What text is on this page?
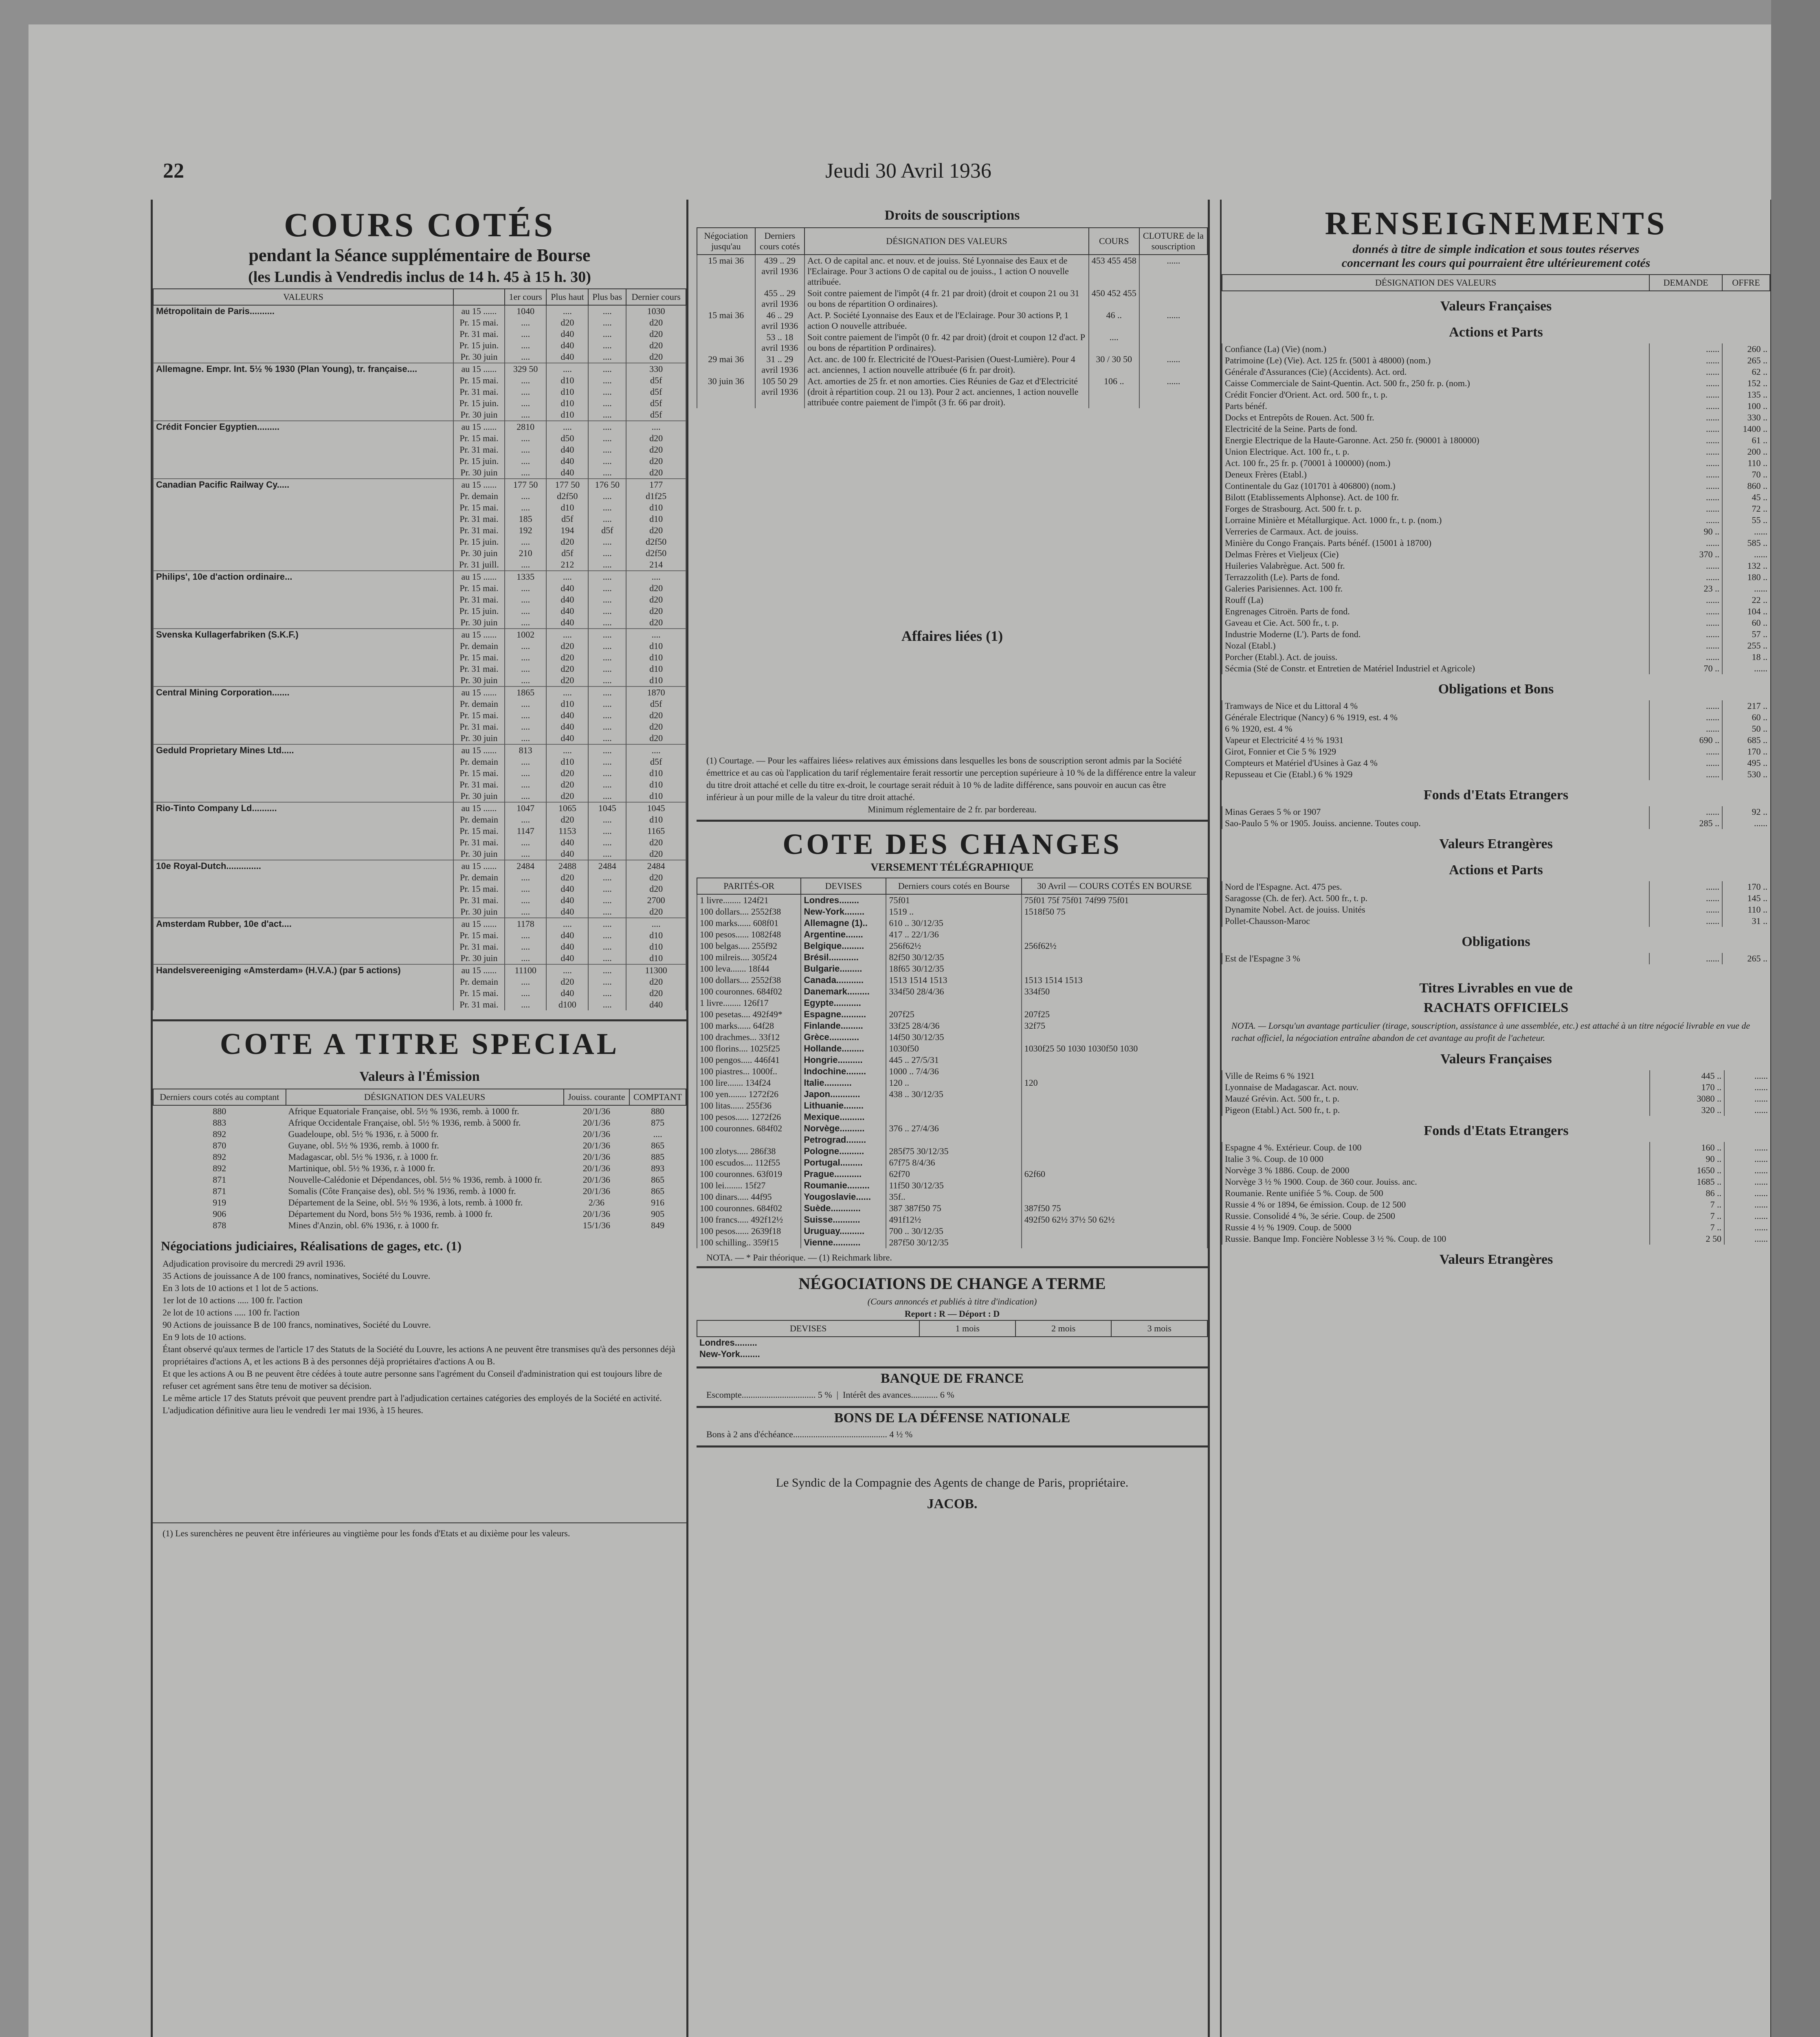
22	Jeudi 30 Avril 1936
COURS COTÉS
pendant la Séance supplémentaire de Bourse
(les Lundis à Vendredis inclus de 14 h. 45 à 15 h. 30)
VALEURS		1er cours	Plus haut	Plus bas	Dernier cours
Métropolitain de Paris..........	au 15 ......	1040	....	....	1030
	Pr. 15 mai.	....	d20	....	d20
	Pr. 31 mai.	....	d40	....	d20
	Pr. 15 juin.	....	d40	....	d20
	Pr. 30 juin	....	d40	....	d20
Allemagne. Empr. Int. 5½ % 1930 (Plan Young), tr. française....	au 15 ......	329 50	....	....	330
	Pr. 15 mai.	....	d10	....	d5f
	Pr. 31 mai.	....	d10	....	d5f
	Pr. 15 juin.	....	d10	....	d5f
	Pr. 30 juin	....	d10	....	d5f
Crédit Foncier Egyptien.........	au 15 ......	2810	....	....	....
	Pr. 15 mai.	....	d50	....	d20
	Pr. 31 mai.	....	d40	....	d20
	Pr. 15 juin.	....	d40	....	d20
	Pr. 30 juin	....	d40	....	d20
Canadian Pacific Railway Cy.....	au 15 ......	177 50	177 50	176 50	177
	Pr. demain	....	d2f50	....	d1f25
	Pr. 15 mai.	....	d10	....	d10
	Pr. 31 mai.	185	d5f	....	d10
	Pr. 31 mai.	192	194	d5f	d20
	Pr. 15 juin.	....	d20	....	d2f50
	Pr. 30 juin	210	d5f	....	d2f50
	Pr. 31 juill.	....	212	....	214
Philips', 10e d'action ordinaire...	au 15 ......	1335	....	....	....
	Pr. 15 mai.	....	d40	....	d20
	Pr. 31 mai.	....	d40	....	d20
	Pr. 15 juin.	....	d40	....	d20
	Pr. 30 juin	....	d40	....	d20
Svenska Kullagerfabriken (S.K.F.)	au 15 ......	1002	....	....	....
	Pr. demain	....	d20	....	d10
	Pr. 15 mai.	....	d20	....	d10
	Pr. 31 mai.	....	d20	....	d10
	Pr. 30 juin	....	d20	....	d10
Central Mining Corporation.......	au 15 ......	1865	....	....	1870
	Pr. demain	....	d10	....	d5f
	Pr. 15 mai.	....	d40	....	d20
	Pr. 31 mai.	....	d40	....	d20
	Pr. 30 juin	....	d40	....	d20
Geduld Proprietary Mines Ltd.....	au 15 ......	813	....	....	....
	Pr. demain	....	d10	....	d5f
	Pr. 15 mai.	....	d20	....	d10
	Pr. 31 mai.	....	d20	....	d10
	Pr. 30 juin	....	d20	....	d10
Rio-Tinto Company Ld..........	au 15 ......	1047	1065	1045	1045
	Pr. demain	....	d20	....	d10
	Pr. 15 mai.	1147	1153	....	1165
	Pr. 31 mai.	....	d40	....	d20
	Pr. 30 juin	....	d40	....	d20
10e Royal-Dutch..............	au 15 ......	2484	2488	2484	2484
	Pr. demain	....	d20	....	d20
	Pr. 15 mai.	....	d40	....	d20
	Pr. 31 mai.	....	d40	....	2700
	Pr. 30 juin	....	d40	....	d20
Amsterdam Rubber, 10e d'act....	au 15 ......	1178	....	....	....
	Pr. 15 mai.	....	d40	....	d10
	Pr. 31 mai.	....	d40	....	d10
	Pr. 30 juin	....	d40	....	d10
Handelsvereeniging «Amsterdam» (H.V.A.) (par 5 actions)	au 15 ......	11100	....	....	11300
	Pr. demain	....	d20	....	d20
	Pr. 15 mai.	....	d40	....	d20
	Pr. 31 mai.	....	d100	....	d40
COTE A TITRE SPECIAL
Valeurs à l'Émission
Derniers cours cotés au comptant	DÉSIGNATION DES VALEURS	Jouiss. courante	COMPTANT
880	Afrique Equatoriale Française, obl. 5½ % 1936, remb. à 1000 fr.	20/1/36	880
883	Afrique Occidentale Française, obl. 5½ % 1936, remb. à 5000 fr.	20/1/36	875
892	Guadeloupe, obl. 5½ % 1936, r. à 5000 fr.	20/1/36	....
870	Guyane, obl. 5½ % 1936, remb. à 1000 fr.	20/1/36	865
892	Madagascar, obl. 5½ % 1936, r. à 1000 fr.	20/1/36	885
892	Martinique, obl. 5½ % 1936, r. à 1000 fr.	20/1/36	893
871	Nouvelle-Calédonie et Dépendances, obl. 5½ % 1936, remb. à 1000 fr.	20/1/36	865
871	Somalis (Côte Française des), obl. 5½ % 1936, remb. à 1000 fr.	20/1/36	865
919	Département de la Seine, obl. 5½ % 1936, à lots, remb. à 1000 fr.	2/36	916
906	Département du Nord, bons 5½ % 1936, remb. à 1000 fr.	20/1/36	905
878	Mines d'Anzin, obl. 6% 1936, r. à 1000 fr.	15/1/36	849
Négociations judiciaires, Réalisations de gages, etc. (1)
Adjudication provisoire du mercredi 29 avril 1936.
35 Actions de jouissance A de 100 francs, nominatives, Société du Louvre.
En 3 lots de 10 actions et 1 lot de 5 actions.
1er lot de 10 actions ..... 100 fr. l'action
2e lot de 10 actions ..... 100 fr. l'action
90 Actions de jouissance B de 100 francs, nominatives, Société du Louvre.
En 9 lots de 10 actions.
Étant observé qu'aux termes de l'article 17 des Statuts de la Société du Louvre, les actions A ne peuvent être transmises qu'à des personnes déjà propriétaires d'actions A, et les actions B à des personnes déjà propriétaires d'actions A ou B.
Et que les actions A ou B ne peuvent être cédées à toute autre personne sans l'agrément du Conseil d'administration qui est toujours libre de refuser cet agrément sans être tenu de motiver sa décision.
Le même article 17 des Statuts prévoit que peuvent prendre part à l'adjudication certaines catégories des employés de la Société en activité.
L'adjudication définitive aura lieu le vendredi 1er mai 1936, à 15 heures.
(1) Les surenchères ne peuvent être inférieures au vingtième pour les fonds d'Etats et au dixième pour les valeurs.
Droits de souscriptions
Négociation jusqu'au	Derniers cours cotés	DÉSIGNATION DES VALEURS	COURS	CLOTURE de la souscription
15 mai 36	439 .. 29 avril 1936	Act. O de capital anc. et nouv. et de jouiss. Sté Lyonnaise des Eaux et de l'Eclairage. Pour 3 actions O de capital ou de jouiss., 1 action O nouvelle attribuée.	453 455 458	......
	455 .. 29 avril 1936	Soit contre paiement de l'impôt (4 fr. 21 par droit) (droit et coupon 21 ou 31 ou bons de répartition O ordinaires).	450 452 455	
15 mai 36	46 .. 29 avril 1936	Act. P. Société Lyonnaise des Eaux et de l'Eclairage. Pour 30 actions P, 1 action O nouvelle attribuée.	46 ..	......
	53 .. 18 avril 1936	Soit contre paiement de l'impôt (0 fr. 42 par droit) (droit et coupon 12 d'act. P ou bons de répartition P ordinaires).	....	
29 mai 36	31 .. 29 avril 1936	Act. anc. de 100 fr. Electricité de l'Ouest-Parisien (Ouest-Lumière). Pour 4 act. anciennes, 1 action nouvelle attribuée (6 fr. par droit).	30 / 30 50	......
30 juin 36	105 50 29 avril 1936	Act. amorties de 25 fr. et non amorties. Cies Réunies de Gaz et d'Electricité (droit à répartition coup. 21 ou 13). Pour 2 act. anciennes, 1 action nouvelle attribuée contre paiement de l'impôt (3 fr. 66 par droit).	106 ..	......
Affaires liées (1)
(1) Courtage. — Pour les «affaires liées» relatives aux émissions dans lesquelles les bons de souscription seront admis par la Société émettrice et au cas où l'application du tarif réglementaire ferait ressortir une perception supérieure à 10 % de la différence entre la valeur du titre droit attaché et celle du titre ex-droit, le courtage serait réduit à 10 % de ladite différence, sans pouvoir en aucun cas être inférieur à un pour mille de la valeur du titre droit attaché.
Minimum réglementaire de 2 fr. par bordereau.
COTE DES CHANGES
VERSEMENT TÉLÉGRAPHIQUE
PARITÉS-OR	DEVISES	Derniers cours cotés en Bourse	30 Avril — COURS COTÉS EN BOURSE
1 livre........ 124f21	Londres........	75f01	75f01 75f 75f01 74f99 75f01
100 dollars.... 2552f38	New-York........	1519 ..	1518f50 75
100 marks...... 608f01	Allemagne (1)..	610 .. 30/12/35	
100 pesos...... 1082f48	Argentine.......	417 .. 22/1/36	
100 belgas..... 255f92	Belgique.........	256f62½	256f62½
100 milreis.... 305f24	Brésil............	82f50 30/12/35	
100 leva....... 18f44	Bulgarie.........	18f65 30/12/35	
100 dollars.... 2552f38	Canada...........	1513 1514 1513	1513 1514 1513
100 couronnes. 684f02	Danemark.........	334f50 28/4/36	334f50
1 livre........ 126f17	Egypte...........		
100 pesetas.... 492f49*	Espagne..........	207f25	207f25
100 marks...... 64f28	Finlande.........	33f25 28/4/36	32f75
100 drachmes... 33f12	Grèce............	14f50 30/12/35	
100 florins.... 1025f25	Hollande.........	1030f50	1030f25 50 1030 1030f50 1030
100 pengos..... 446f41	Hongrie..........	445 .. 27/5/31	
100 piastres... 1000f..	Indochine........	1000 .. 7/4/36	
100 lire....... 134f24	Italie...........	120 ..	120
100 yen........ 1272f26	Japon............	438 .. 30/12/35	
100 litas...... 255f36	Lithuanie........		
100 pesos...... 1272f26	Mexique..........		
100 couronnes. 684f02	Norvège..........	376 .. 27/4/36	
	Petrograd........		
100 zlotys..... 286f38	Pologne..........	285f75 30/12/35	
100 escudos.... 112f55	Portugal.........	67f75 8/4/36	
100 couronnes. 63f019	Prague...........	62f70	62f60
100 lei........ 15f27	Roumanie.........	11f50 30/12/35	
100 dinars..... 44f95	Yougoslavie......	35f..	
100 couronnes. 684f02	Suède............	387 387f50 75	387f50 75
100 francs..... 492f12½	Suisse...........	491f12½	492f50 62½ 37½ 50 62½
100 pesos...... 2639f18	Uruguay..........	700 .. 30/12/35	
100 schilling.. 359f15	Vienne...........	287f50 30/12/35	
NOTA. — * Pair théorique. — (1) Reichmark libre.
NÉGOCIATIONS DE CHANGE A TERME
(Cours annoncés et publiés à titre d'indication)
Report : R — Déport : D
DEVISES	1 mois	2 mois	3 mois
Londres.........			
New-York........			
BANQUE DE FRANCE
Escompte................................. 5 %  |  Intérêt des avances............ 6 %
BONS DE LA DÉFENSE NATIONALE
Bons à 2 ans d'échéance.......................................... 4 ½ %
Le Syndic de la Compagnie des Agents de change de Paris, propriétaire.
JACOB.
RENSEIGNEMENTS
donnés à titre de simple indication et sous toutes réserves
concernant les cours qui pourraient être ultérieurement cotés
DÉSIGNATION DES VALEURS	DEMANDE	OFFRE
Valeurs Françaises		
Actions et Parts		
Confiance (La) (Vie) (nom.)	......	260 ..
Patrimoine (Le) (Vie). Act. 125 fr. (5001 à 48000) (nom.)	......	265 ..
Générale d'Assurances (Cie) (Accidents). Act. ord.	......	62 ..
Caisse Commerciale de Saint-Quentin. Act. 500 fr., 250 fr. p. (nom.)	......	152 ..
Crédit Foncier d'Orient. Act. ord. 500 fr., t. p.	......	135 ..
Parts bénéf.	......	100 ..
Docks et Entrepôts de Rouen. Act. 500 fr.	......	330 ..
Electricité de la Seine. Parts de fond.	......	1400 ..
Energie Electrique de la Haute-Garonne. Act. 250 fr. (90001 à 180000)	......	61 ..
Union Electrique. Act. 100 fr., t. p.	......	200 ..
Act. 100 fr., 25 fr. p. (70001 à 100000) (nom.)	......	110 ..
Deneux Frères (Etabl.)	......	70 ..
Continentale du Gaz (101701 à 406800) (nom.)	......	860 ..
Bilott (Etablissements Alphonse). Act. de 100 fr.	......	45 ..
Forges de Strasbourg. Act. 500 fr. t. p.	......	72 ..
Lorraine Minière et Métallurgique. Act. 1000 fr., t. p. (nom.)	......	55 ..
Verreries de Carmaux. Act. de jouiss.	90 ..	......
Minière du Congo Français. Parts bénéf. (15001 à 18700)	......	585 ..
Delmas Frères et Vieljeux (Cie)	370 ..	......
Huileries Valabrègue. Act. 500 fr.	......	132 ..
Terrazzolith (Le). Parts de fond.	......	180 ..
Galeries Parisiennes. Act. 100 fr.	23 ..	......
Rouff (La)	......	22 ..
Engrenages Citroën. Parts de fond.	......	104 ..
Gaveau et Cie. Act. 500 fr., t. p.	......	60 ..
Industrie Moderne (L'). Parts de fond.	......	57 ..
Nozal (Etabl.)	......	255 ..
Porcher (Etabl.). Act. de jouiss.	......	18 ..
Sécmia (Sté de Constr. et Entretien de Matériel Industriel et Agricole)	70 ..	......
Obligations et Bons		
Tramways de Nice et du Littoral 4 %	......	217 ..
Générale Electrique (Nancy) 6 % 1919, est. 4 %	......	60 ..
6 % 1920, est. 4 %	......	50 ..
Vapeur et Electricité 4 ½ % 1931	690 ..	685 ..
Girot, Fonnier et Cie 5 % 1929	......	170 ..
Compteurs et Matériel d'Usines à Gaz 4 %	......	495 ..
Repusseau et Cie (Etabl.) 6 % 1929	......	530 ..
Fonds d'Etats Etrangers		
Minas Geraes 5 % or 1907	......	92 ..
Sao-Paulo 5 % or 1905. Jouiss. ancienne. Toutes coup.	285 ..	......
Valeurs Etrangères		
Actions et Parts		
Nord de l'Espagne. Act. 475 pes.	......	170 ..
Saragosse (Ch. de fer). Act. 500 fr., t. p.	......	145 ..
Dynamite Nobel. Act. de jouiss. Unités	......	110 ..
Pollet-Chausson-Maroc	......	31 ..
Obligations		
Est de l'Espagne 3 %	......	265 ..
Titres Livrables en vue de
RACHATS OFFICIELS
NOTA. — Lorsqu'un avantage particulier (tirage, souscription, assistance à une assemblée, etc.) est attaché à un titre négocié livrable en vue de rachat officiel, la négociation entraîne abandon de cet avantage au profit de l'acheteur.
Valeurs Françaises		
Ville de Reims 6 % 1921	445 ..	......
Lyonnaise de Madagascar. Act. nouv.	170 ..	......
Mauzé Grévin. Act. 500 fr., t. p.	3080 ..	......
Pigeon (Etabl.) Act. 500 fr., t. p.	320 ..	......
Fonds d'Etats Etrangers		
Espagne 4 %. Extérieur. Coup. de 100	160 ..	......
Italie 3 %. Coup. de 10 000	90 ..	......
Norvège 3 % 1886. Coup. de 2000	1650 ..	......
Norvège 3 ½ % 1900. Coup. de 360 cour. Jouiss. anc.	1685 ..	......
Roumanie. Rente unifiée 5 %. Coup. de 500	86 ..	......
Russie 4 % or 1894, 6e émission. Coup. de 12 500	7 ..	......
Russie. Consolidé 4 %, 3e série. Coup. de 2500	7 ..	......
Russie 4 ½ % 1909. Coup. de 5000	7 ..	......
Russie. Banque Imp. Foncière Noblesse 3 ½ %. Coup. de 100	2 50	......
Valeurs Etrangères		
